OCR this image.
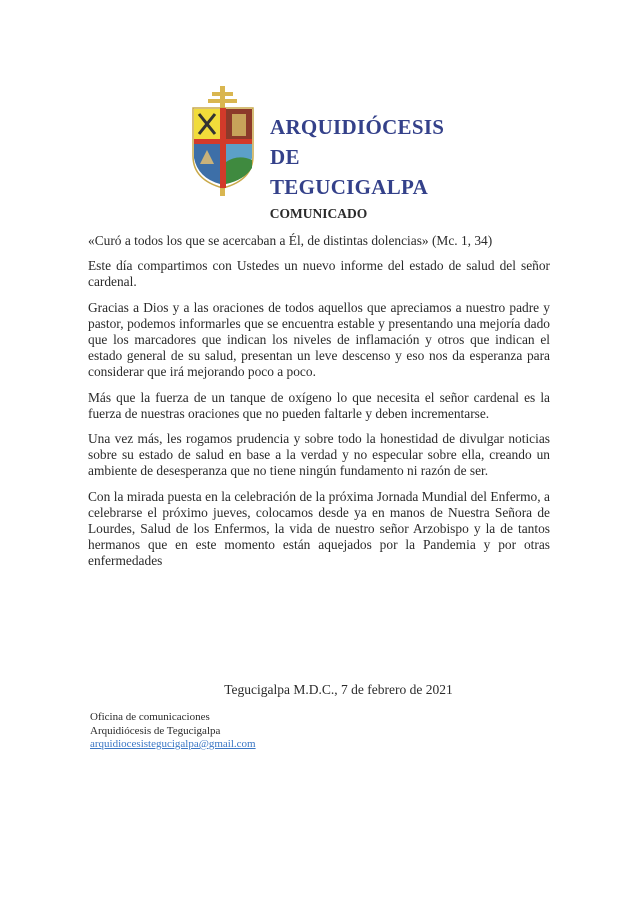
ARQUIDIÓCESIS
DE TEGUCIGALPA
COMUNICADO

«Curó a todos los que se acercaban a Él, de distintas dolencias» (Mc. 1, 34)

Este día compartimos con Ustedes un nuevo informe del estado de salud del señor cardenal.

Gracias a Dios y a las oraciones de todos aquellos que apreciamos a nuestro padre y pastor, podemos informarles que se encuentra estable y presentando una mejoría dado que los marcadores que indican los niveles de inflamación y otros que indican el estado general de su salud, presentan un leve descenso y eso nos da esperanza para considerar que irá mejorando poco a poco.

Más que la fuerza de un tanque de oxígeno lo que necesita el señor cardenal es la fuerza de nuestras oraciones que no pueden faltarle y deben incrementarse.

Una vez más, les rogamos prudencia y sobre todo la honestidad de divulgar noticias sobre su estado de salud en base a la verdad y no especular sobre ella, creando un ambiente de desesperanza que no tiene ningún fundamento ni razón de ser.

Con la mirada puesta en la celebración de la próxima Jornada Mundial del Enfermo, a celebrarse el próximo jueves, colocamos desde ya en manos de Nuestra Señora de Lourdes, Salud de los Enfermos, la vida de nuestro señor Arzobispo y la de tantos hermanos que en este momento están aquejados por la Pandemia y por otras enfermedades

Tegucigalpa M.D.C., 7 de febrero de 2021
Oficina de comunicaciones
Arquidiócesis de Tegucigalpa
arquidiocesistegucigalpa@gmail.com
